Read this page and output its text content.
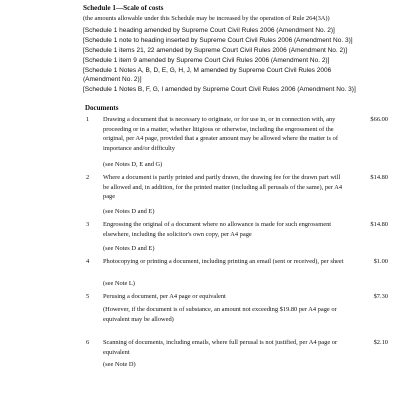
Schedule 1—Scale of costs
(the amounts allowable under this Schedule may be increased by the operation of Rule 264(3A))
[Schedule 1 heading amended by Supreme Court Civil Rules 2006 (Amendment No. 2)]
[Schedule 1 note to heading inserted by Supreme Court Civil Rules 2006 (Amendment No. 3)]
[Schedule 1 items 21, 22 amended by Supreme Court Civil Rules 2006 (Amendment No. 2)]
[Schedule 1 item 9 amended by Supreme Court Civil Rules 2006 (Amendment No. 2)]
[Schedule 1 Notes A, B, D, E, G, H, J, M amended by Supreme Court Civil Rules 2006
(Amendment No. 2)]
[Schedule 1 Notes B, F, G, I amended by Supreme Court Civil Rules 2006 (Amendment No. 3)]
Documents
1 Drawing a document that is necessary to originate, or for use in, or in connection with, any proceeding or in a matter, whether litigious or otherwise, including the engrossment of the original, per A4 page, provided that a greater amount may be allowed where the matter is of importance and/or difficulty
$66.00
(see Notes D, E and G)
2 Where a document is partly printed and partly drawn, the drawing fee for the drawn part will be allowed and, in addition, for the printed matter (including all perusals of the same), per A4 page
$14.80
(see Notes D and E)
3 Engrossing the original of a document where no allowance is made for such engrossment elsewhere, including the solicitor's own copy, per A4 page
$14.80
(see Notes D and E)
4 Photocopying or printing a document, including printing an email (sent or received), per sheet	$1.00
(see Note L)
5 Perusing a document, per A4 page or equivalent	$7.30
(However, if the document is of substance, an amount not exceeding $19.80 per A4 page or equivalent may be allowed)
6 Scanning of documents, including emails, where full perusal is not justified, per A4 page or equivalent
$2.10
(see Note D)
